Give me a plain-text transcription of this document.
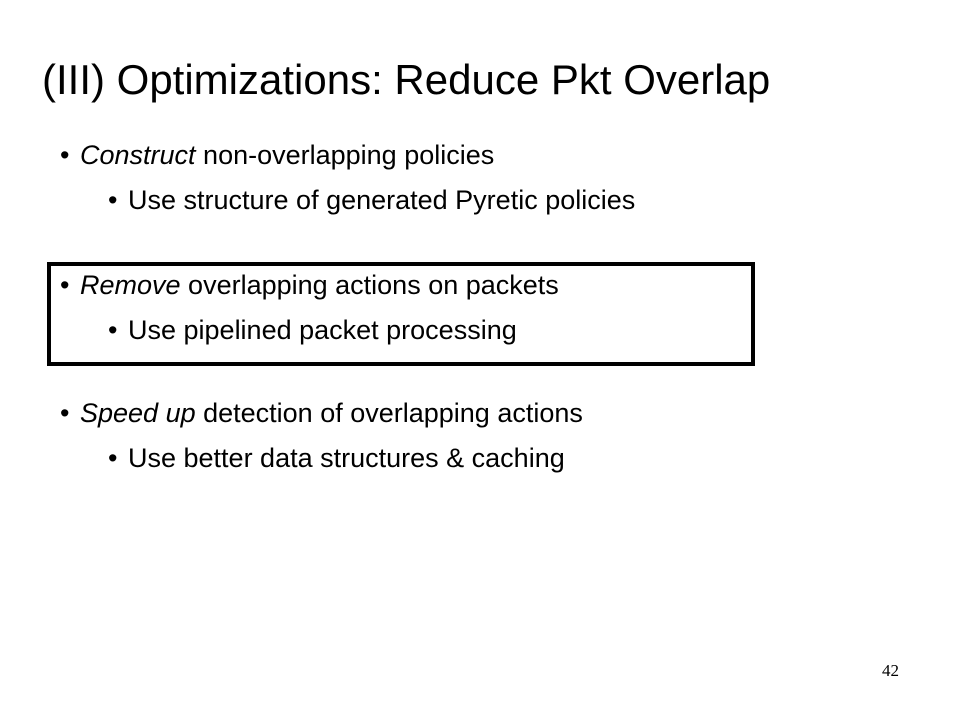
(III) Optimizations: Reduce Pkt Overlap
• Construct non-overlapping policies
• Use structure of generated Pyretic policies
• Remove overlapping actions on packets
• Use pipelined packet processing
• Speed up detection of overlapping actions
• Use better data structures & caching
42
